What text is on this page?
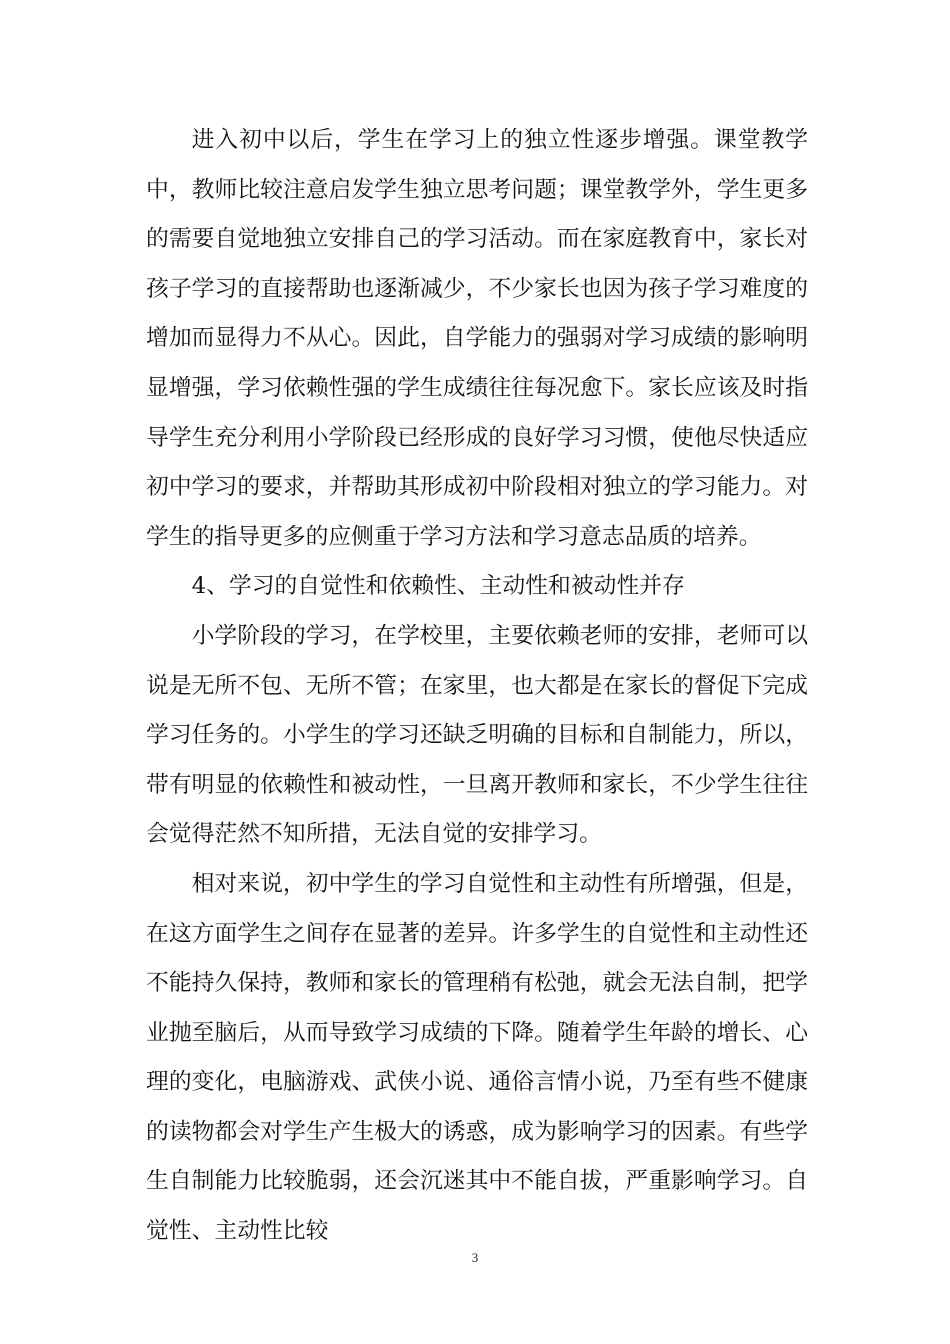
进入初中以后，学生在学习上的独立性逐步增强。课堂教学中，教师比较注意启发学生独立思考问题；课堂教学外，学生更多的需要自觉地独立安排自己的学习活动。而在家庭教育中，家长对孩子学习的直接帮助也逐渐减少，不少家长也因为孩子学习难度的增加而显得力不从心。因此，自学能力的强弱对学习成绩的影响明显增强，学习依赖性强的学生成绩往往每况愈下。家长应该及时指导学生充分利用小学阶段已经形成的良好学习习惯，使他尽快适应初中学习的要求，并帮助其形成初中阶段相对独立的学习能力。对学生的指导更多的应侧重于学习方法和学习意志品质的培养。

4、学习的自觉性和依赖性、主动性和被动性并存

小学阶段的学习，在学校里，主要依赖老师的安排，老师可以说是无所不包、无所不管；在家里，也大都是在家长的督促下完成学习任务的。小学生的学习还缺乏明确的目标和自制能力，所以，带有明显的依赖性和被动性，一旦离开教师和家长，不少学生往往会觉得茫然不知所措，无法自觉的安排学习。

相对来说，初中学生的学习自觉性和主动性有所增强，但是，在这方面学生之间存在显著的差异。许多学生的自觉性和主动性还不能持久保持，教师和家长的管理稍有松弛，就会无法自制，把学业抛至脑后，从而导致学习成绩的下降。随着学生年龄的增长、心理的变化，电脑游戏、武侠小说、通俗言情小说，乃至有些不健康的读物都会对学生产生极大的诱惑，成为影响学习的因素。有些学生自制能力比较脆弱，还会沉迷其中不能自拔，严重影响学习。自觉性、主动性比较

3
